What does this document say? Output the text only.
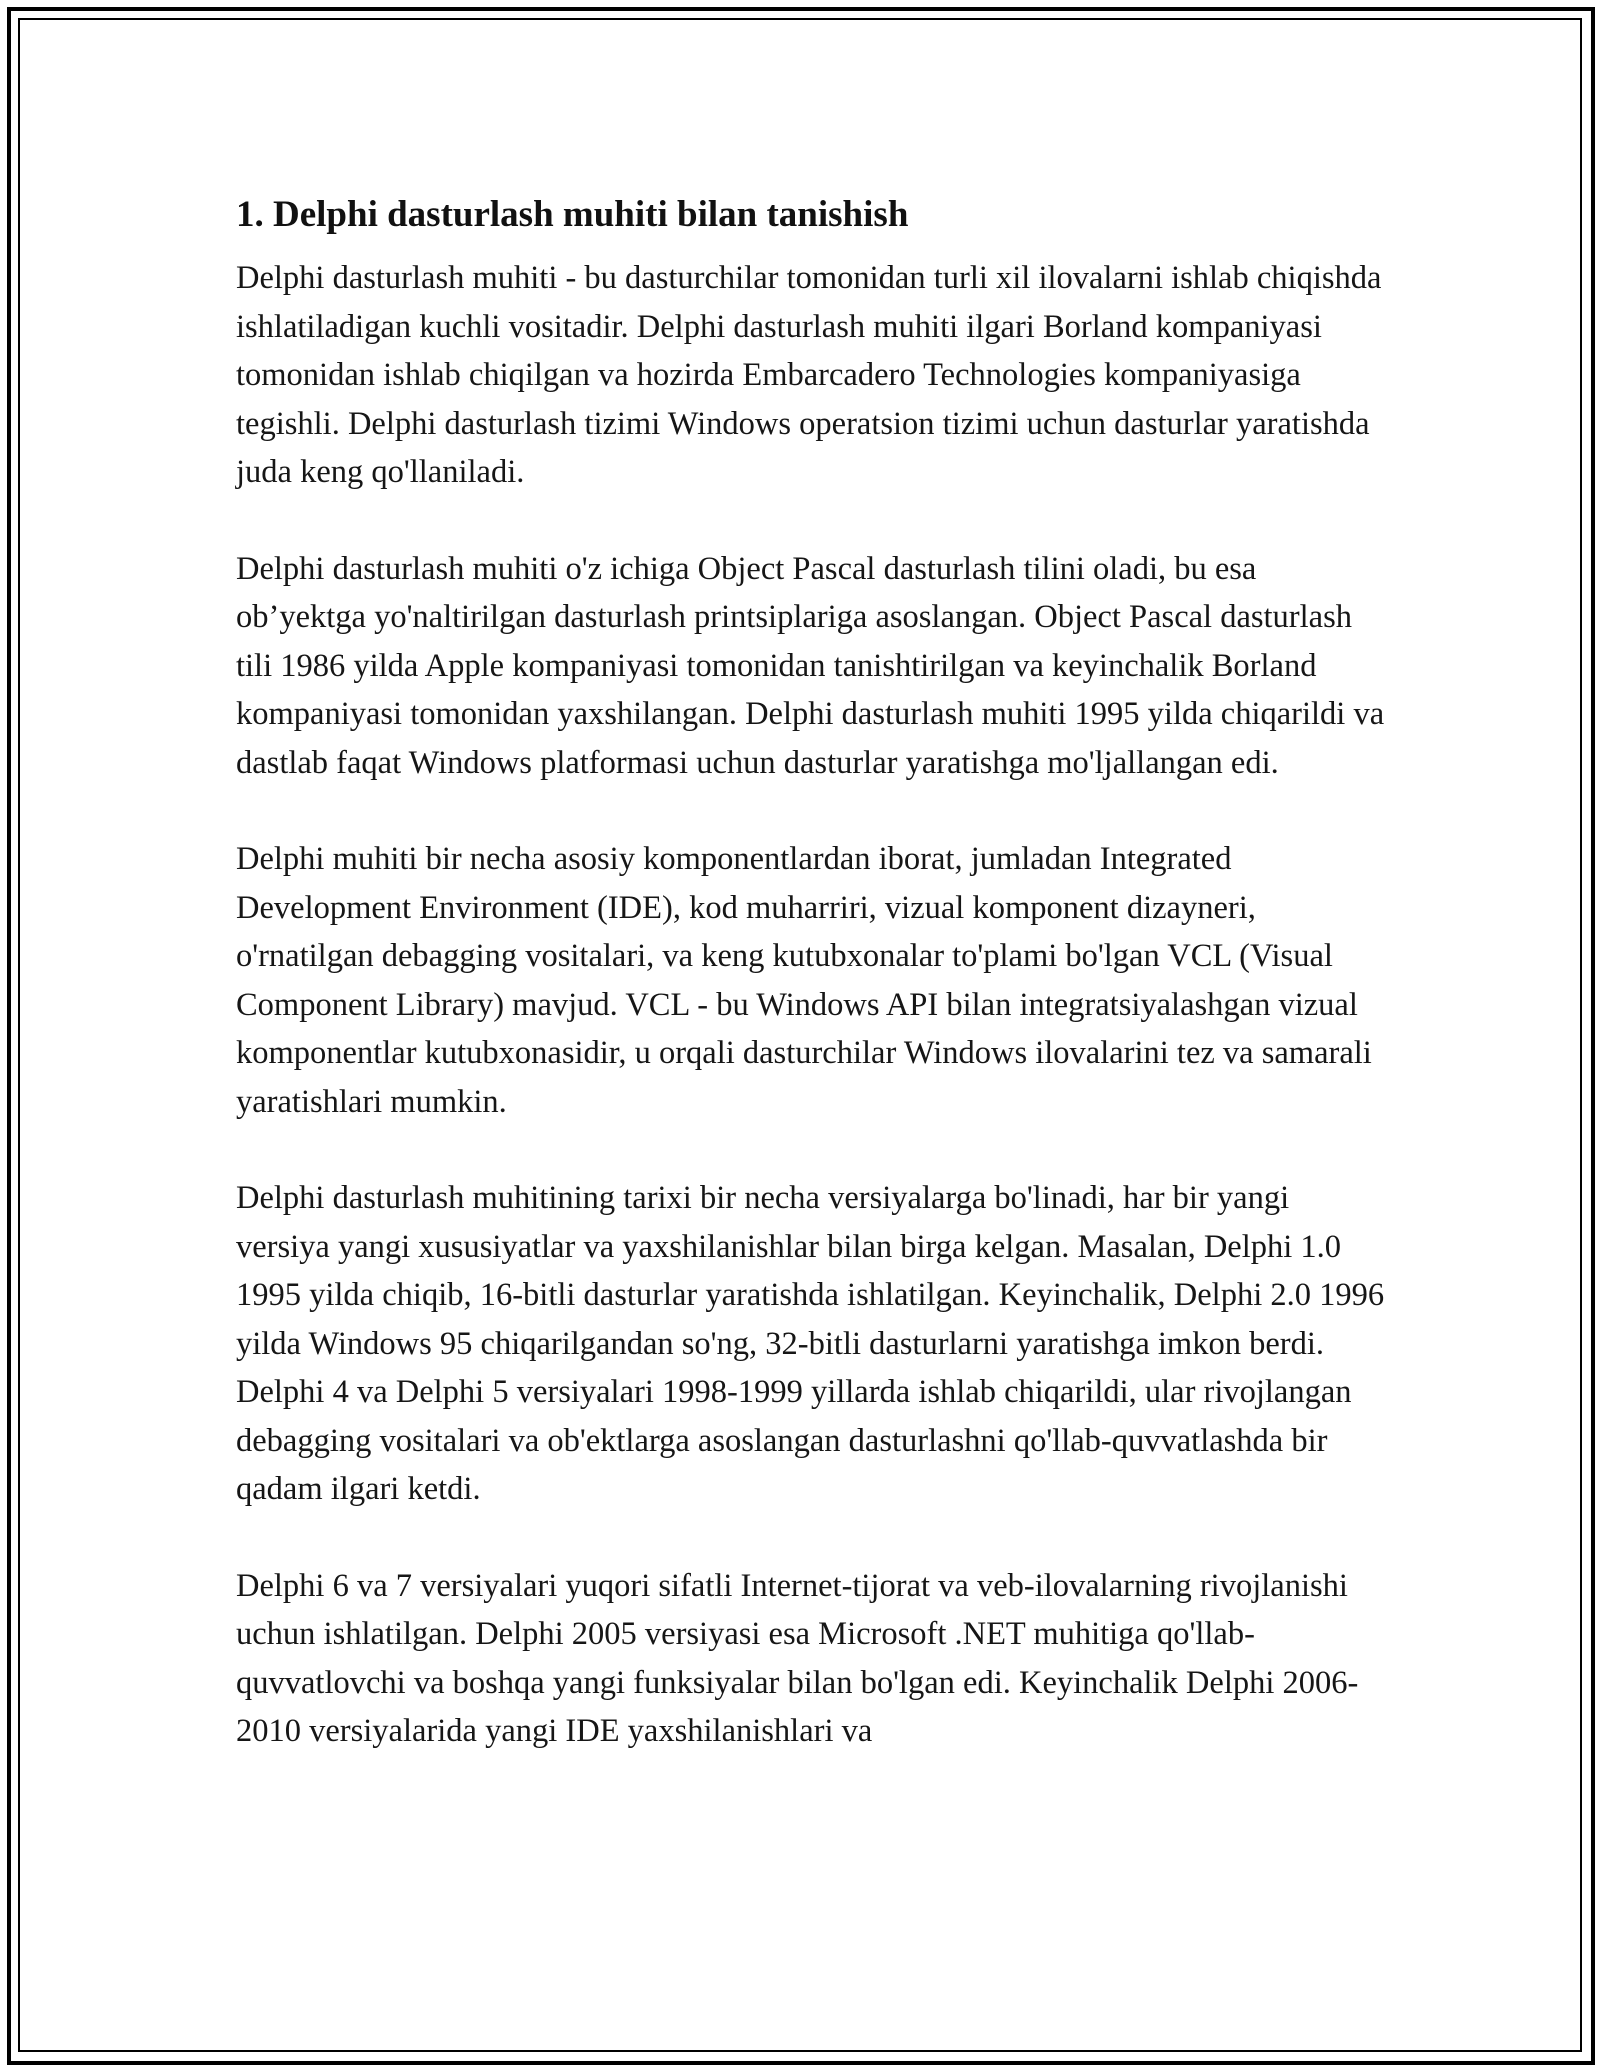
1. Delphi dasturlash muhiti bilan tanishish

Delphi dasturlash muhiti - bu dasturchilar tomonidan turli xil ilovalarni ishlab chiqishda ishlatiladigan kuchli vositadir. Delphi dasturlash muhiti ilgari Borland kompaniyasi tomonidan ishlab chiqilgan va hozirda Embarcadero Technologies kompaniyasiga tegishli. Delphi dasturlash tizimi Windows operatsion tizimi uchun dasturlar yaratishda juda keng qo'llaniladi.

Delphi dasturlash muhiti o'z ichiga Object Pascal dasturlash tilini oladi, bu esa ob’yektga yo'naltirilgan dasturlash printsiplariga asoslangan. Object Pascal dasturlash tili 1986 yilda Apple kompaniyasi tomonidan tanishtirilgan va keyinchalik Borland kompaniyasi tomonidan yaxshilangan. Delphi dasturlash muhiti 1995 yilda chiqarildi va dastlab faqat Windows platformasi uchun dasturlar yaratishga mo'ljallangan edi.

Delphi muhiti bir necha asosiy komponentlardan iborat, jumladan Integrated Development Environment (IDE), kod muharriri, vizual komponent dizayneri, o'rnatilgan debagging vositalari, va keng kutubxonalar to'plami bo'lgan VCL (Visual Component Library) mavjud. VCL - bu Windows API bilan integratsiyalashgan vizual komponentlar kutubxonasidir, u orqali dasturchilar Windows ilovalarini tez va samarali yaratishlari mumkin.

Delphi dasturlash muhitining tarixi bir necha versiyalarga bo'linadi, har bir yangi versiya yangi xususiyatlar va yaxshilanishlar bilan birga kelgan. Masalan, Delphi 1.0 1995 yilda chiqib, 16-bitli dasturlar yaratishda ishlatilgan. Keyinchalik, Delphi 2.0 1996 yilda Windows 95 chiqarilgandan so'ng, 32-bitli dasturlarni yaratishga imkon berdi. Delphi 4 va Delphi 5 versiyalari 1998-1999 yillarda ishlab chiqarildi, ular rivojlangan debagging vositalari va ob'ektlarga asoslangan dasturlashni qo'llab-quvvatlashda bir qadam ilgari ketdi.

Delphi 6 va 7 versiyalari yuqori sifatli Internet-tijorat va veb-ilovalarning rivojlanishi uchun ishlatilgan. Delphi 2005 versiyasi esa Microsoft .NET muhitiga qo'llab-quvvatlovchi va boshqa yangi funksiyalar bilan bo'lgan edi. Keyinchalik Delphi 2006-2010 versiyalarida yangi IDE yaxshilanishlari va
